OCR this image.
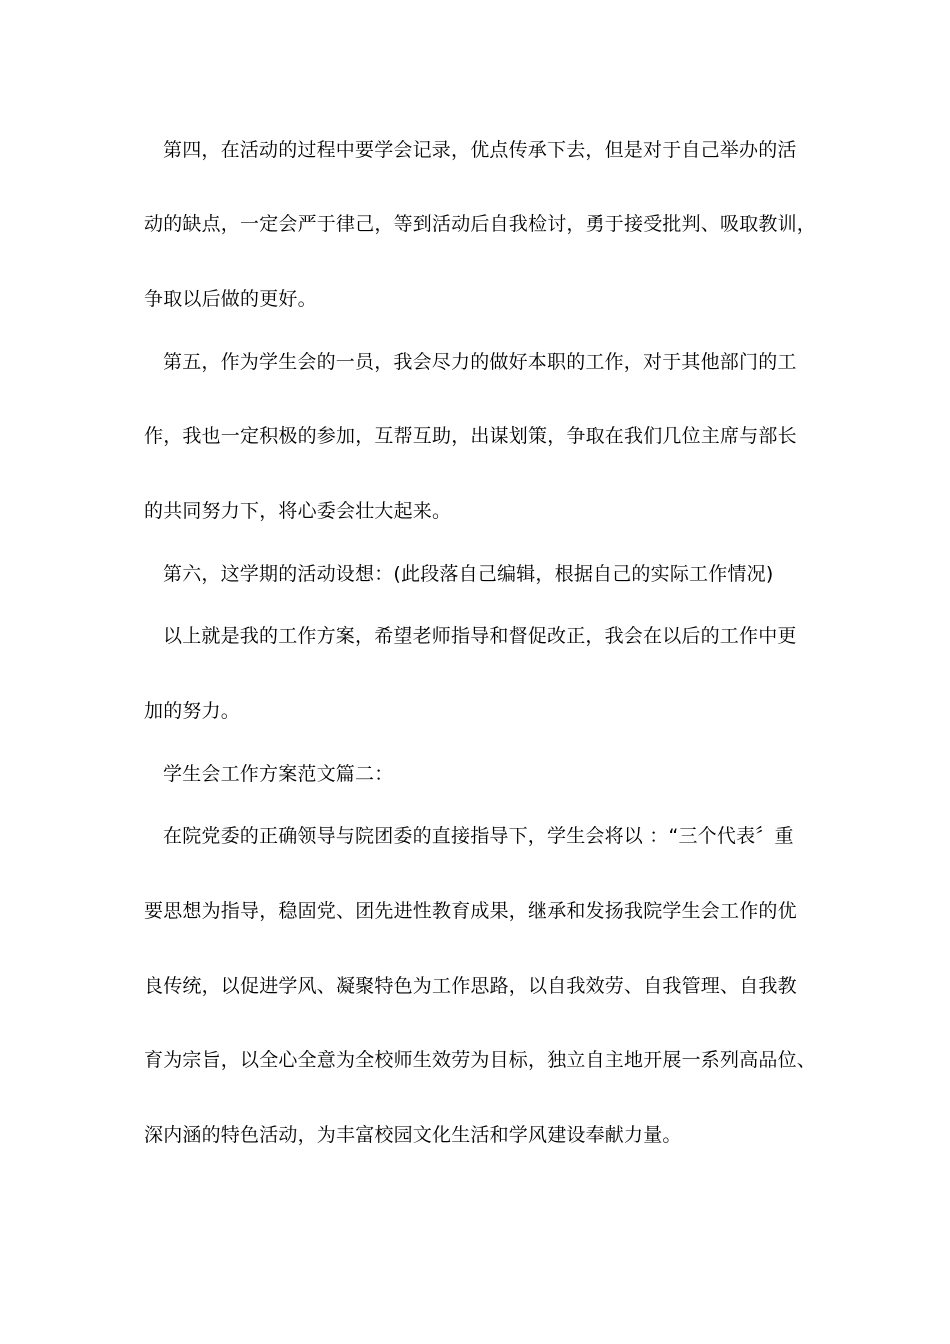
第四，在活动的过程中要学会记录，优点传承下去，但是对于自己举办的活
动的缺点，一定会严于律己，等到活动后自我检讨，勇于接受批判、吸取教训，
争取以后做的更好。
第五，作为学生会的一员，我会尽力的做好本职的工作，对于其他部门的工
作，我也一定积极的参加，互帮互助，出谋划策，争取在我们几位主席与部长
的共同努力下，将心委会壮大起来。
第六，这学期的活动设想：(此段落自己编辑，根据自己的实际工作情况)
以上就是我的工作方案，希望老师指导和督促改正，我会在以后的工作中更
加的努力。
学生会工作方案范文篇二：
在院党委的正确领导与院团委的直接指导下，学生会将以 ：“三个代表〞重
要思想为指导，稳固党、团先进性教育成果，继承和发扬我院学生会工作的优
良传统，以促进学风、凝聚特色为工作思路，以自我效劳、自我管理、自我教
育为宗旨，以全心全意为全校师生效劳为目标，独立自主地开展一系列高品位、
深内涵的特色活动，为丰富校园文化生活和学风建设奉献力量。
